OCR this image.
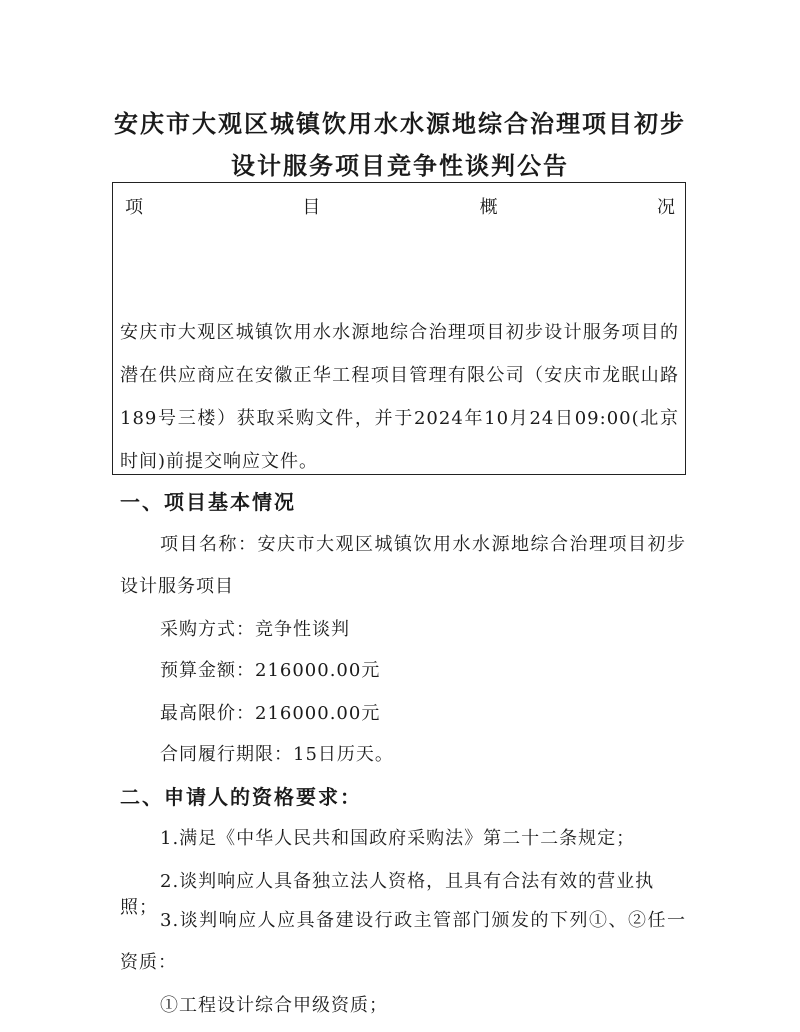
安庆市大观区城镇饮用水水源地综合治理项目初步
设计服务项目竞争性谈判公告
项	目	概	况
安庆市大观区城镇饮用水水源地综合治理项目初步设计服务项目的潜在供应商应在安徽正华工程项目管理有限公司（安庆市龙眠山路189号三楼）获取采购文件，并于2024年10月24日09:00(北京时间)前提交响应文件。
一、项目基本情况
项目名称：安庆市大观区城镇饮用水水源地综合治理项目初步设计服务项目
采购方式：竞争性谈判
预算金额：216000.00元
最高限价：216000.00元
合同履行期限：15日历天。
二、申请人的资格要求：
1.满足《中华人民共和国政府采购法》第二十二条规定；
2.谈判响应人具备独立法人资格，且具有合法有效的营业执照；
3.谈判响应人应具备建设行政主管部门颁发的下列①、②任一资质：
①工程设计综合甲级资质；
